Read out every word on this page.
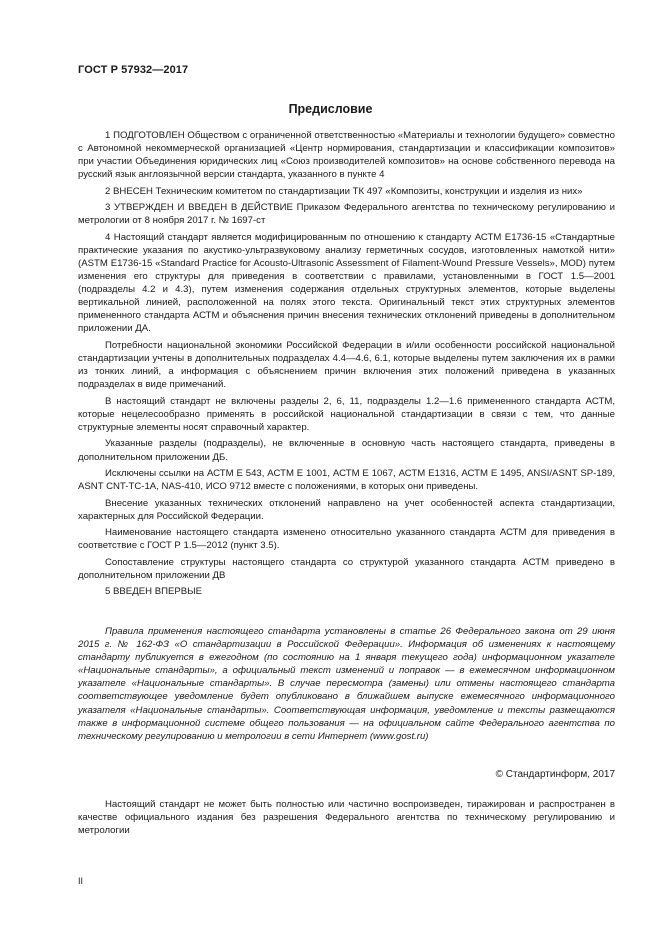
ГОСТ Р 57932—2017
Предисловие

1 ПОДГОТОВЛЕН Обществом с ограниченной ответственностью «Материалы и технологии будущего» совместно с Автономной некоммерческой организацией «Центр нормирования, стандартизации и классификации композитов» при участии Объединения юридических лиц «Союз производителей композитов» на основе собственного перевода на русский язык англоязычной версии стандарта, указанного в пункте 4

2 ВНЕСЕН Техническим комитетом по стандартизации ТК 497 «Композиты, конструкции и изделия из них»

3 УТВЕРЖДЕН И ВВЕДЕН В ДЕЙСТВИЕ Приказом Федерального агентства по техническому регулированию и метрологии от 8 ноября 2017 г. № 1697-ст

4 Настоящий стандарт является модифицированным по отношению к стандарту АСТМ Е1736-15 «Стандартные практические указания по акустико-ультразвуковому анализу герметичных сосудов, изготовленных намоткой нити» (ASTM E1736-15 «Standard Practice for Acousto-Ultrasonic Assessment of Filament-Wound Pressure Vessels», MOD) путем изменения его структуры для приведения в соответствии с правилами, установленными в ГОСТ 1.5—2001 (подразделы 4.2 и 4.3), путем изменения содержания отдельных структурных элементов, которые выделены вертикальной линией, расположенной на полях этого текста. Оригинальный текст этих структурных элементов примененного стандарта АСТМ и объяснения причин внесения технических отклонений приведены в дополнительном приложении ДА.

Потребности национальной экономики Российской Федерации в и/или особенности российской национальной стандартизации учтены в дополнительных подразделах 4.4—4.6, 6.1, которые выделены путем заключения их в рамки из тонких линий, а информация с объяснением причин включения этих положений приведена в указанных подразделах в виде примечаний.

В настоящий стандарт не включены разделы 2, 6, 11, подразделы 1.2—1.6 примененного стандарта АСТМ, которые нецелесообразно применять в российской национальной стандартизации в связи с тем, что данные структурные элементы носят справочный характер.

Указанные разделы (подразделы), не включенные в основную часть настоящего стандарта, приведены в дополнительном приложении ДБ.

Исключены ссылки на АСТМ Е 543, АСТМ Е 1001, АСТМ Е 1067, АСТМ Е1316, АСТМ Е 1495, ANSI/ASNT SP-189, ASNT CNT-TC-1A, NAS-410, ИСО 9712 вместе с положениями, в которых они приведены.

Внесение указанных технических отклонений направлено на учет особенностей аспекта стандартизации, характерных для Российской Федерации.

Наименование настоящего стандарта изменено относительно указанного стандарта АСТМ для приведения в соответствие с ГОСТ Р 1.5—2012 (пункт 3.5).

Сопоставление структуры настоящего стандарта со структурой указанного стандарта АСТМ приведено в дополнительном приложении ДВ

5 ВВЕДЕН ВПЕРВЫЕ

Правила применения настоящего стандарта установлены в статье 26 Федерального закона от 29 июня 2015 г. № 162-ФЗ «О стандартизации в Российской Федерации». Информация об изменениях к настоящему стандарту публикуется в ежегодном (по состоянию на 1 января текущего года) информационном указателе «Национальные стандарты», а официальный текст изменений и поправок — в ежемесячном информационном указателе «Национальные стандарты». В случае пересмотра (замены) или отмены настоящего стандарта соответствующее уведомление будет опубликовано в ближайшем выпуске ежемесячного информационного указателя «Национальные стандарты». Соответствующая информация, уведомление и тексты размещаются также в информационной системе общего пользования — на официальном сайте Федерального агентства по техническому регулированию и метрологии в сети Интернет (www.gost.ru)

© Стандартинформ, 2017

Настоящий стандарт не может быть полностью или частично воспроизведен, тиражирован и распространен в качестве официального издания без разрешения Федерального агентства по техническому регулированию и метрологии

II
